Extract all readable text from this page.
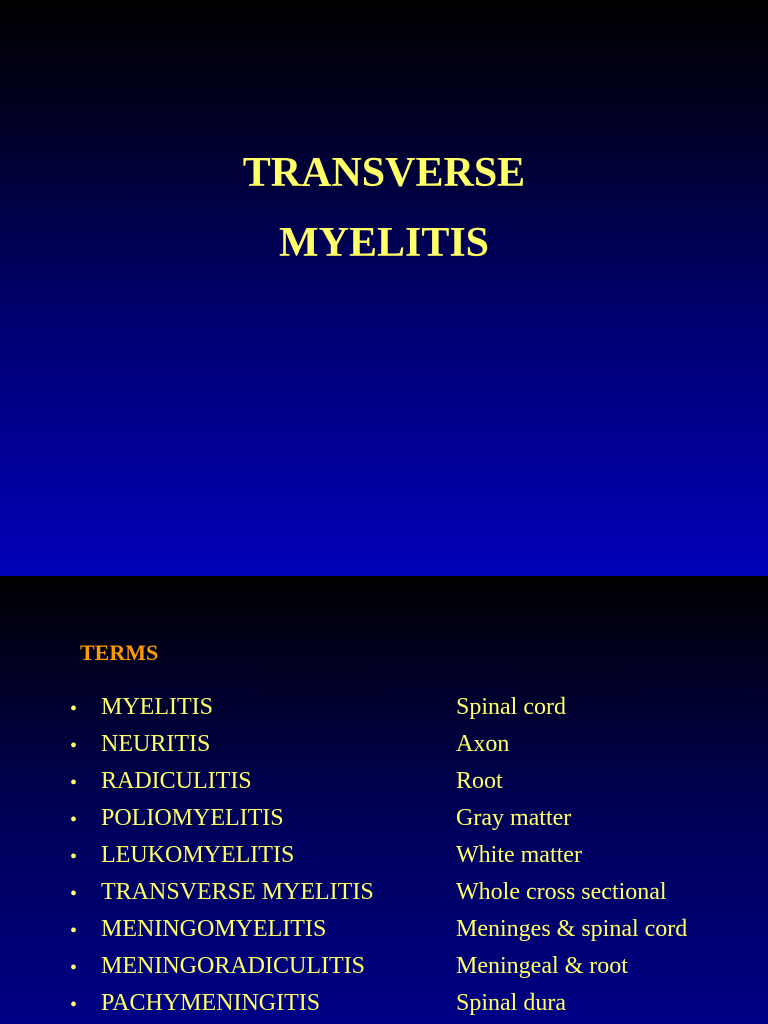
TRANSVERSE
MYELITIS
TERMS
• MYELITIS	Spinal cord
• NEURITIS	Axon
• RADICULITIS	Root
• POLIOMYELITIS	Gray matter
• LEUKOMYELITIS	White matter
• TRANSVERSE MYELITIS	Whole cross sectional
• MENINGOMYELITIS	Meninges & spinal cord
• MENINGORADICULITIS	Meningeal & root
• PACHYMENINGITIS	Spinal dura
